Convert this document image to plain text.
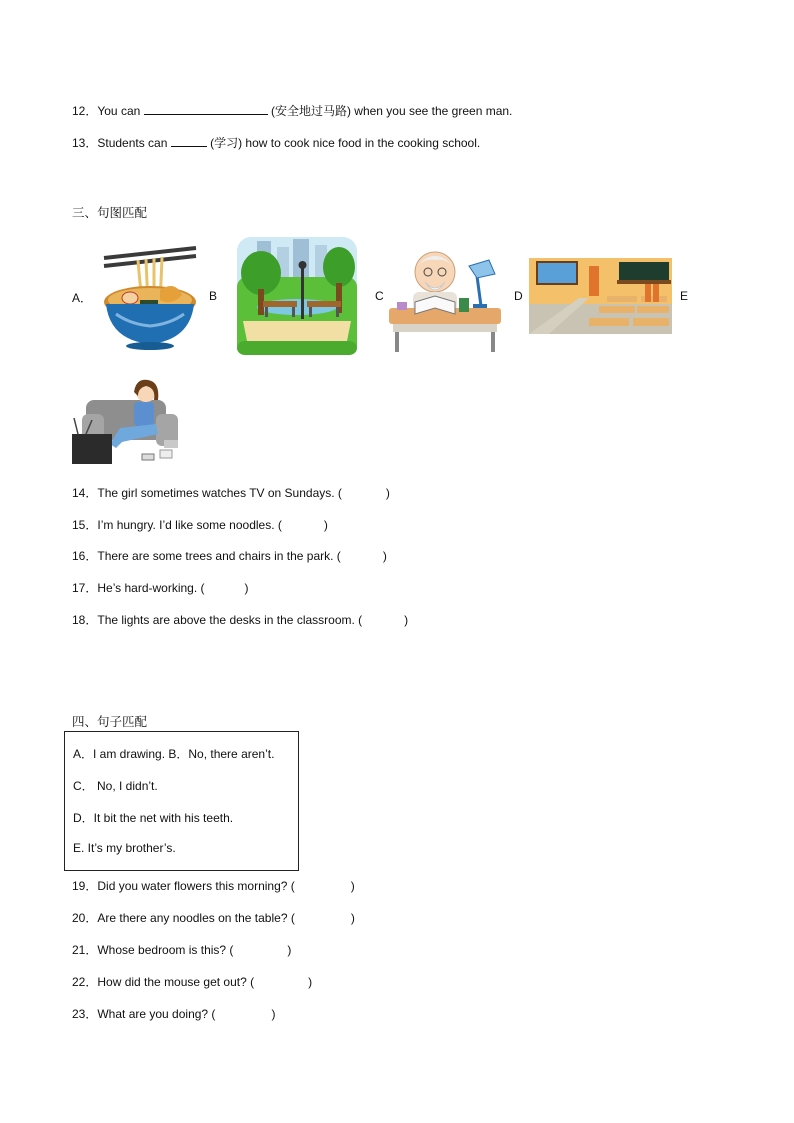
12．You can	(安全地过马路) when you see the green man.
13．Students can	(学习) how to cook nice food in the cooking school.
三、句图匹配
A．	B	C	D	E
14．The girl sometimes watches TV on Sundays. (	)
15．I’m hungry. I’d like some noodles. (	)
16．There are some trees and chairs in the park. (	)
17．He’s hard-working. (	)
18．The lights are above the desks in the classroom. (	)
四、句子匹配
A．I am drawing. B．No, there aren’t.
C． No, I didn’t.
D．It bit the net with his teeth.
E. It’s my brother’s.
19．Did you water flowers this morning? (	)
20．Are there any noodles on the table? (	)
21．Whose bedroom is this? (	)
22．How did the mouse get out? (	)
23．What are you doing? (	)
